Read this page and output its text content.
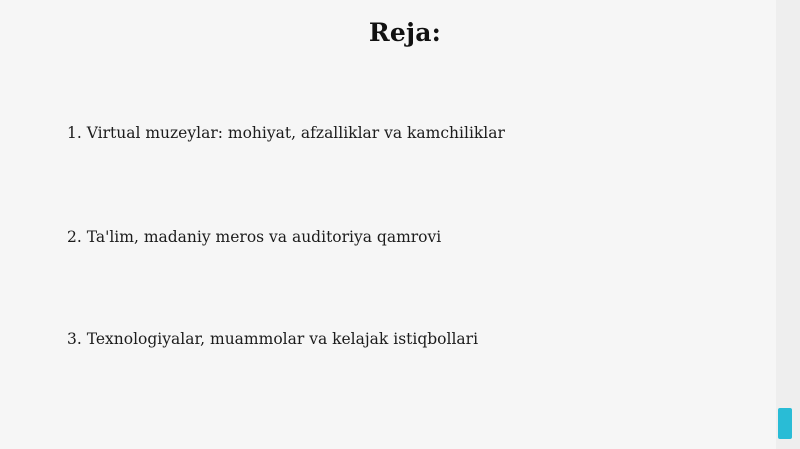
Reja:
1. Virtual muzeylar: mohiyat, afzalliklar va kamchiliklar
2. Ta'lim, madaniy meros va auditoriya qamrovi
3. Texnologiyalar, muammolar va kelajak istiqbollari
